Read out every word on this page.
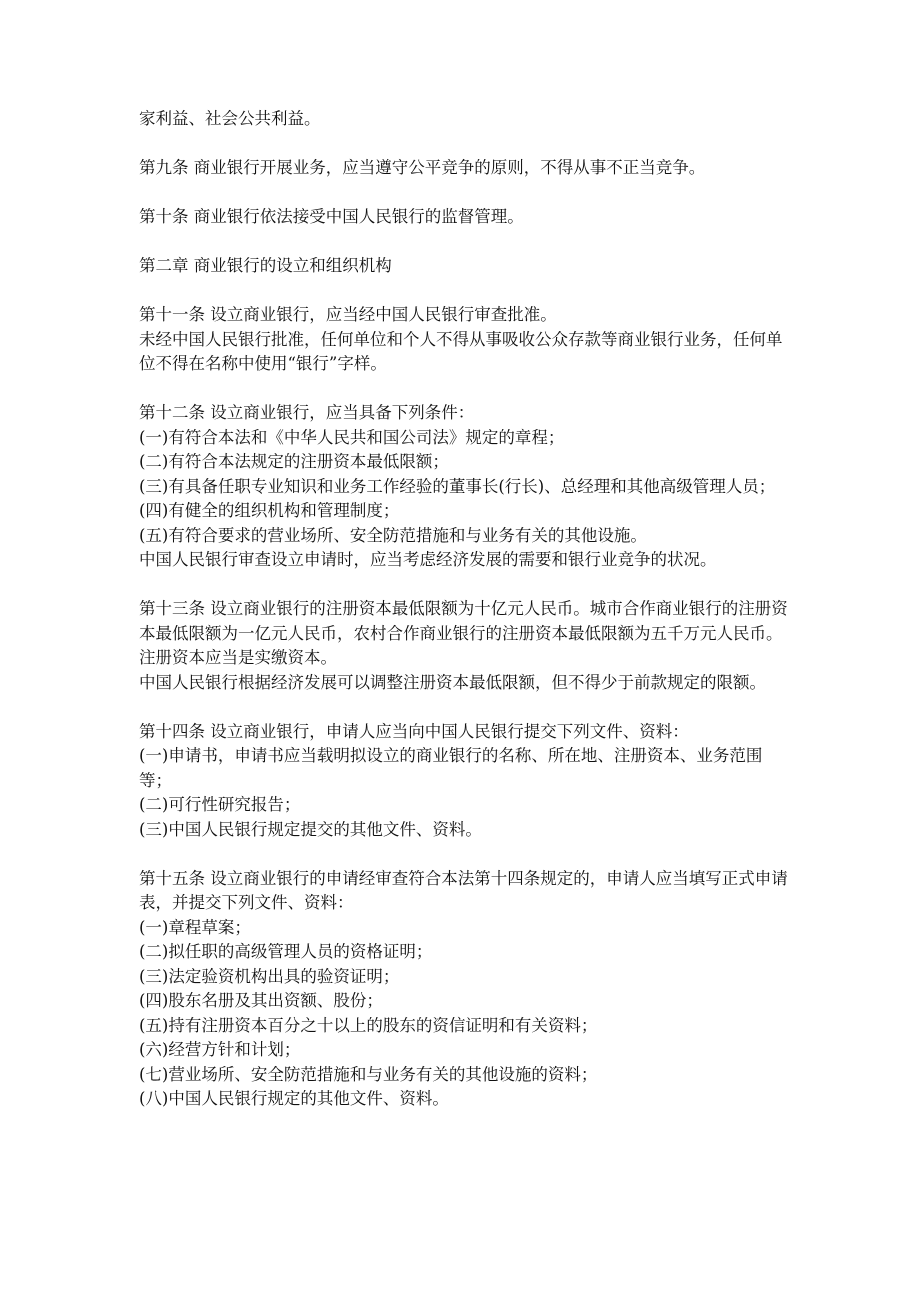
家利益、社会公共利益。

第九条 商业银行开展业务，应当遵守公平竞争的原则，不得从事不正当竞争。

第十条 商业银行依法接受中国人民银行的监督管理。

第二章 商业银行的设立和组织机构

第十一条 设立商业银行，应当经中国人民银行审查批准。

未经中国人民银行批准，任何单位和个人不得从事吸收公众存款等商业银行业务，任何单位不得在名称中使用“银行”字样。

第十二条 设立商业银行，应当具备下列条件：

(一)有符合本法和《中华人民共和国公司法》规定的章程；

(二)有符合本法规定的注册资本最低限额；

(三)有具备任职专业知识和业务工作经验的董事长(行长)、总经理和其他高级管理人员；

(四)有健全的组织机构和管理制度；

(五)有符合要求的营业场所、安全防范措施和与业务有关的其他设施。

中国人民银行审查设立申请时，应当考虑经济发展的需要和银行业竞争的状况。

第十三条 设立商业银行的注册资本最低限额为十亿元人民币。城市合作商业银行的注册资本最低限额为一亿元人民币，农村合作商业银行的注册资本最低限额为五千万元人民币。注册资本应当是实缴资本。

中国人民银行根据经济发展可以调整注册资本最低限额，但不得少于前款规定的限额。

第十四条 设立商业银行，申请人应当向中国人民银行提交下列文件、资料：

(一)申请书，申请书应当载明拟设立的商业银行的名称、所在地、注册资本、业务范围等；

(二)可行性研究报告；

(三)中国人民银行规定提交的其他文件、资料。

第十五条 设立商业银行的申请经审查符合本法第十四条规定的，申请人应当填写正式申请表，并提交下列文件、资料：

(一)章程草案；

(二)拟任职的高级管理人员的资格证明；

(三)法定验资机构出具的验资证明；

(四)股东名册及其出资额、股份；

(五)持有注册资本百分之十以上的股东的资信证明和有关资料；

(六)经营方针和计划；

(七)营业场所、安全防范措施和与业务有关的其他设施的资料；

(八)中国人民银行规定的其他文件、资料。
